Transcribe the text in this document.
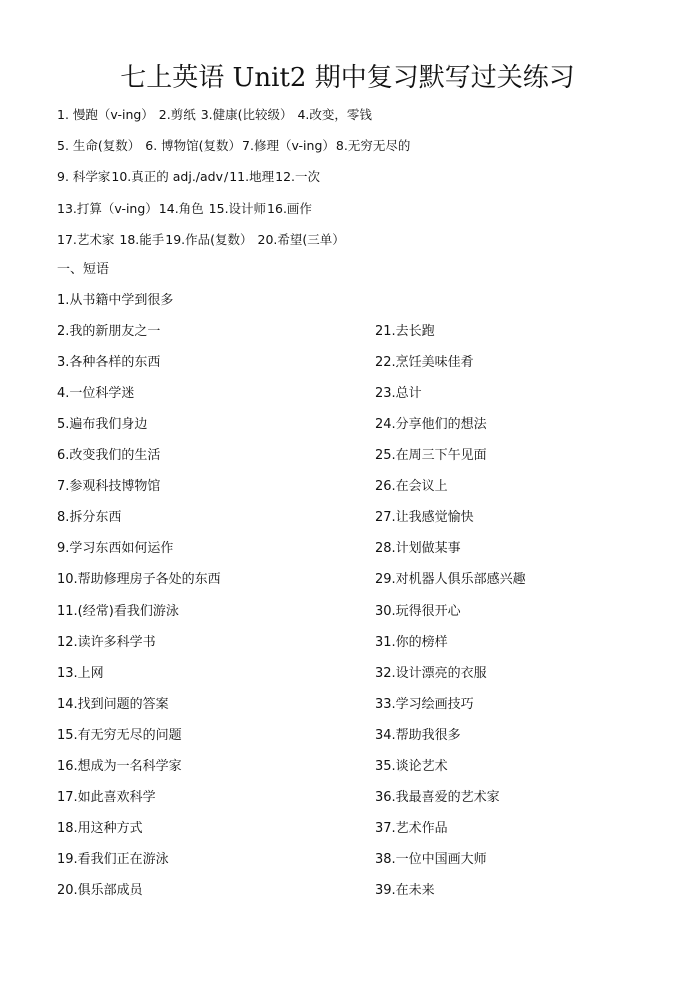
七上英语 Unit2 期中复习默写过关练习
1. 慢跑（v-ing） 2.剪纸 3.健康(比较级） 4.改变，零钱
5. 生命(复数） 6. 博物馆(复数）7.修理（v-ing）8.无穷无尽的
9. 科学家10.真正的 adj./adv/11.地理12.一次
13.打算（v-ing）14.角色 15.设计师16.画作
17.艺术家 18.能手19.作品(复数） 20.希望(三单）
一、短语
1.从书籍中学到很多
2.我的新朋友之一
3.各种各样的东西
4.一位科学迷
5.遍布我们身边
6.改变我们的生活
7.参观科技博物馆
8.拆分东西
9.学习东西如何运作
10.帮助修理房子各处的东西
11.(经常)看我们游泳
12.读许多科学书
13.上网
14.找到问题的答案
15.有无穷无尽的问题
16.想成为一名科学家
17.如此喜欢科学
18.用这种方式
19.看我们正在游泳
20.俱乐部成员
21.去长跑
22.烹饪美味佳肴
23.总计
24.分享他们的想法
25.在周三下午见面
26.在会议上
27.让我感觉愉快
28.计划做某事
29.对机器人俱乐部感兴趣
30.玩得很开心
31.你的榜样
32.设计漂亮的衣服
33.学习绘画技巧
34.帮助我很多
35.谈论艺术
36.我最喜爱的艺术家
37.艺术作品
38.一位中国画大师
39.在未来
